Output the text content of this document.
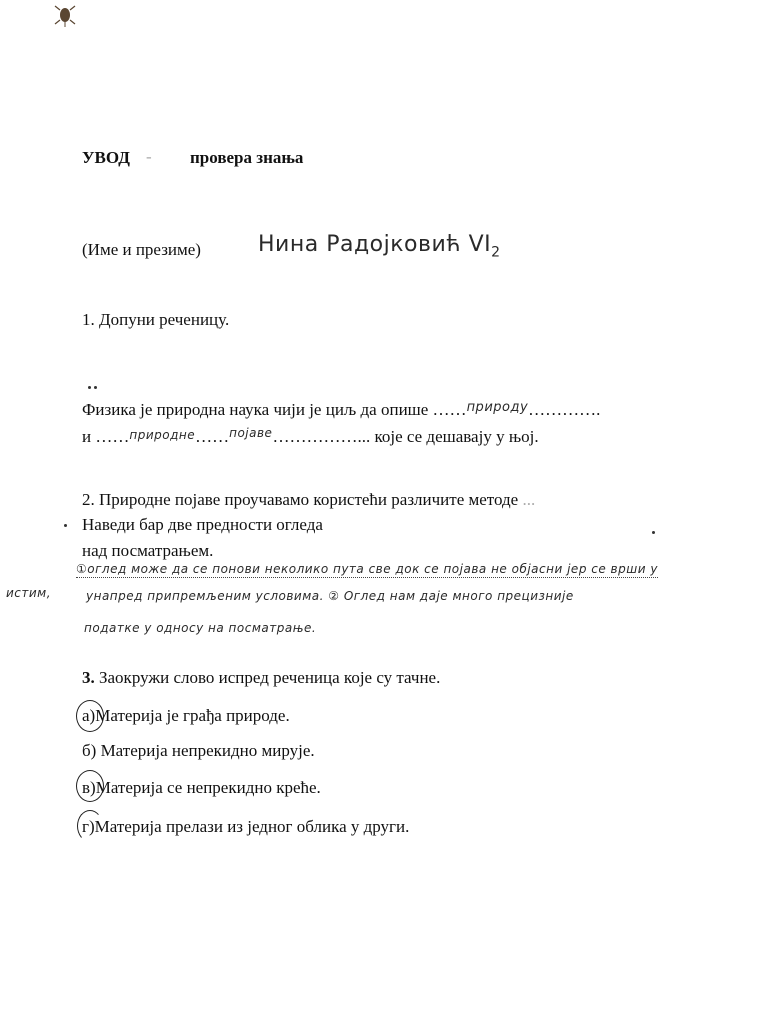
УВОД - провера знања
(Име и презиме)	Нина Радојковић $VI_2$
1. Допуни реченицу.
Физика је природна наука чији је циљ да опише ……$^{природу}$………….
и ……природне……$^{појаве}$……………... које се дешавају у њој.
2. Природне појаве проучавамо користећи различите методе ...
Наведи бар две предности огледа
над посматрањем.
①оглед може да се понови неколико пута све док се појава не објасни јер се врши у
истим,	унапред припремљеним условима. ② Оглед нам даје много прецизније
податке у односу на посматрање.
3. Заокружи слово испред реченица које су тачне.
а)Материја је грађа природе.
б) Материја непрекидно мирује.
в)Материја се непрекидно креће.
г)Материја прелази из једног облика у други.
